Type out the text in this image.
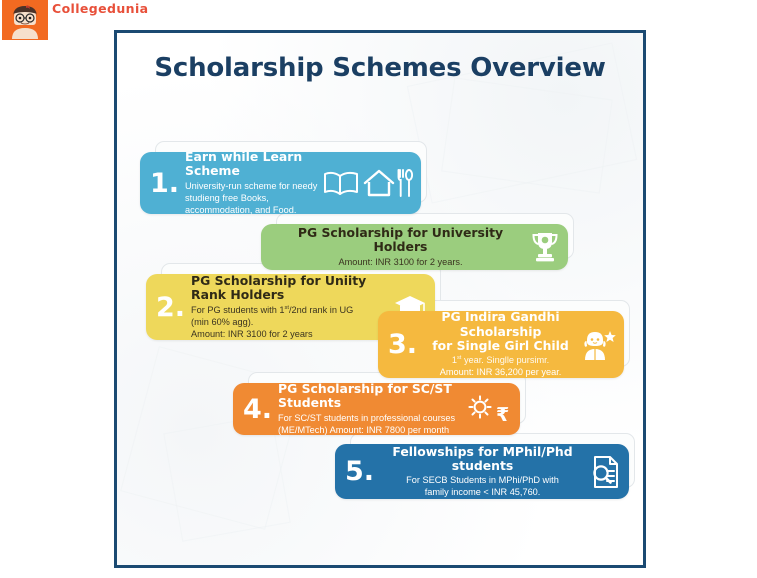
Collegedunia
Scholarship Schemes Overview
1.
Earn while Learn Scheme
University-run scheme for needy
studieng free Books,
accommodation, and Food.
PG Scholarship for University Holders
Amount: INR 3100 for 2 years.
2.
PG Scholarship for Uniity Rank Holders
For PG students with 1st/2nd rank in UG
(min 60% agg).
Amount: INR 3100 for 2 years	3.
PG Indira Gandhi Scholarship
for Single Girl Child
1st year. Singlle pursimr.
Amount: INR 36,200 per year.
4.
PG Scholarship for SC/ST Students
For SC/ST students in professional courses
(ME/MTech) Amount: INR 7800 per month
₹
5.
Fellowships for MPhil/Phd students
For SECB Students in MPhi/PhD with
family income < INR 45,760.
